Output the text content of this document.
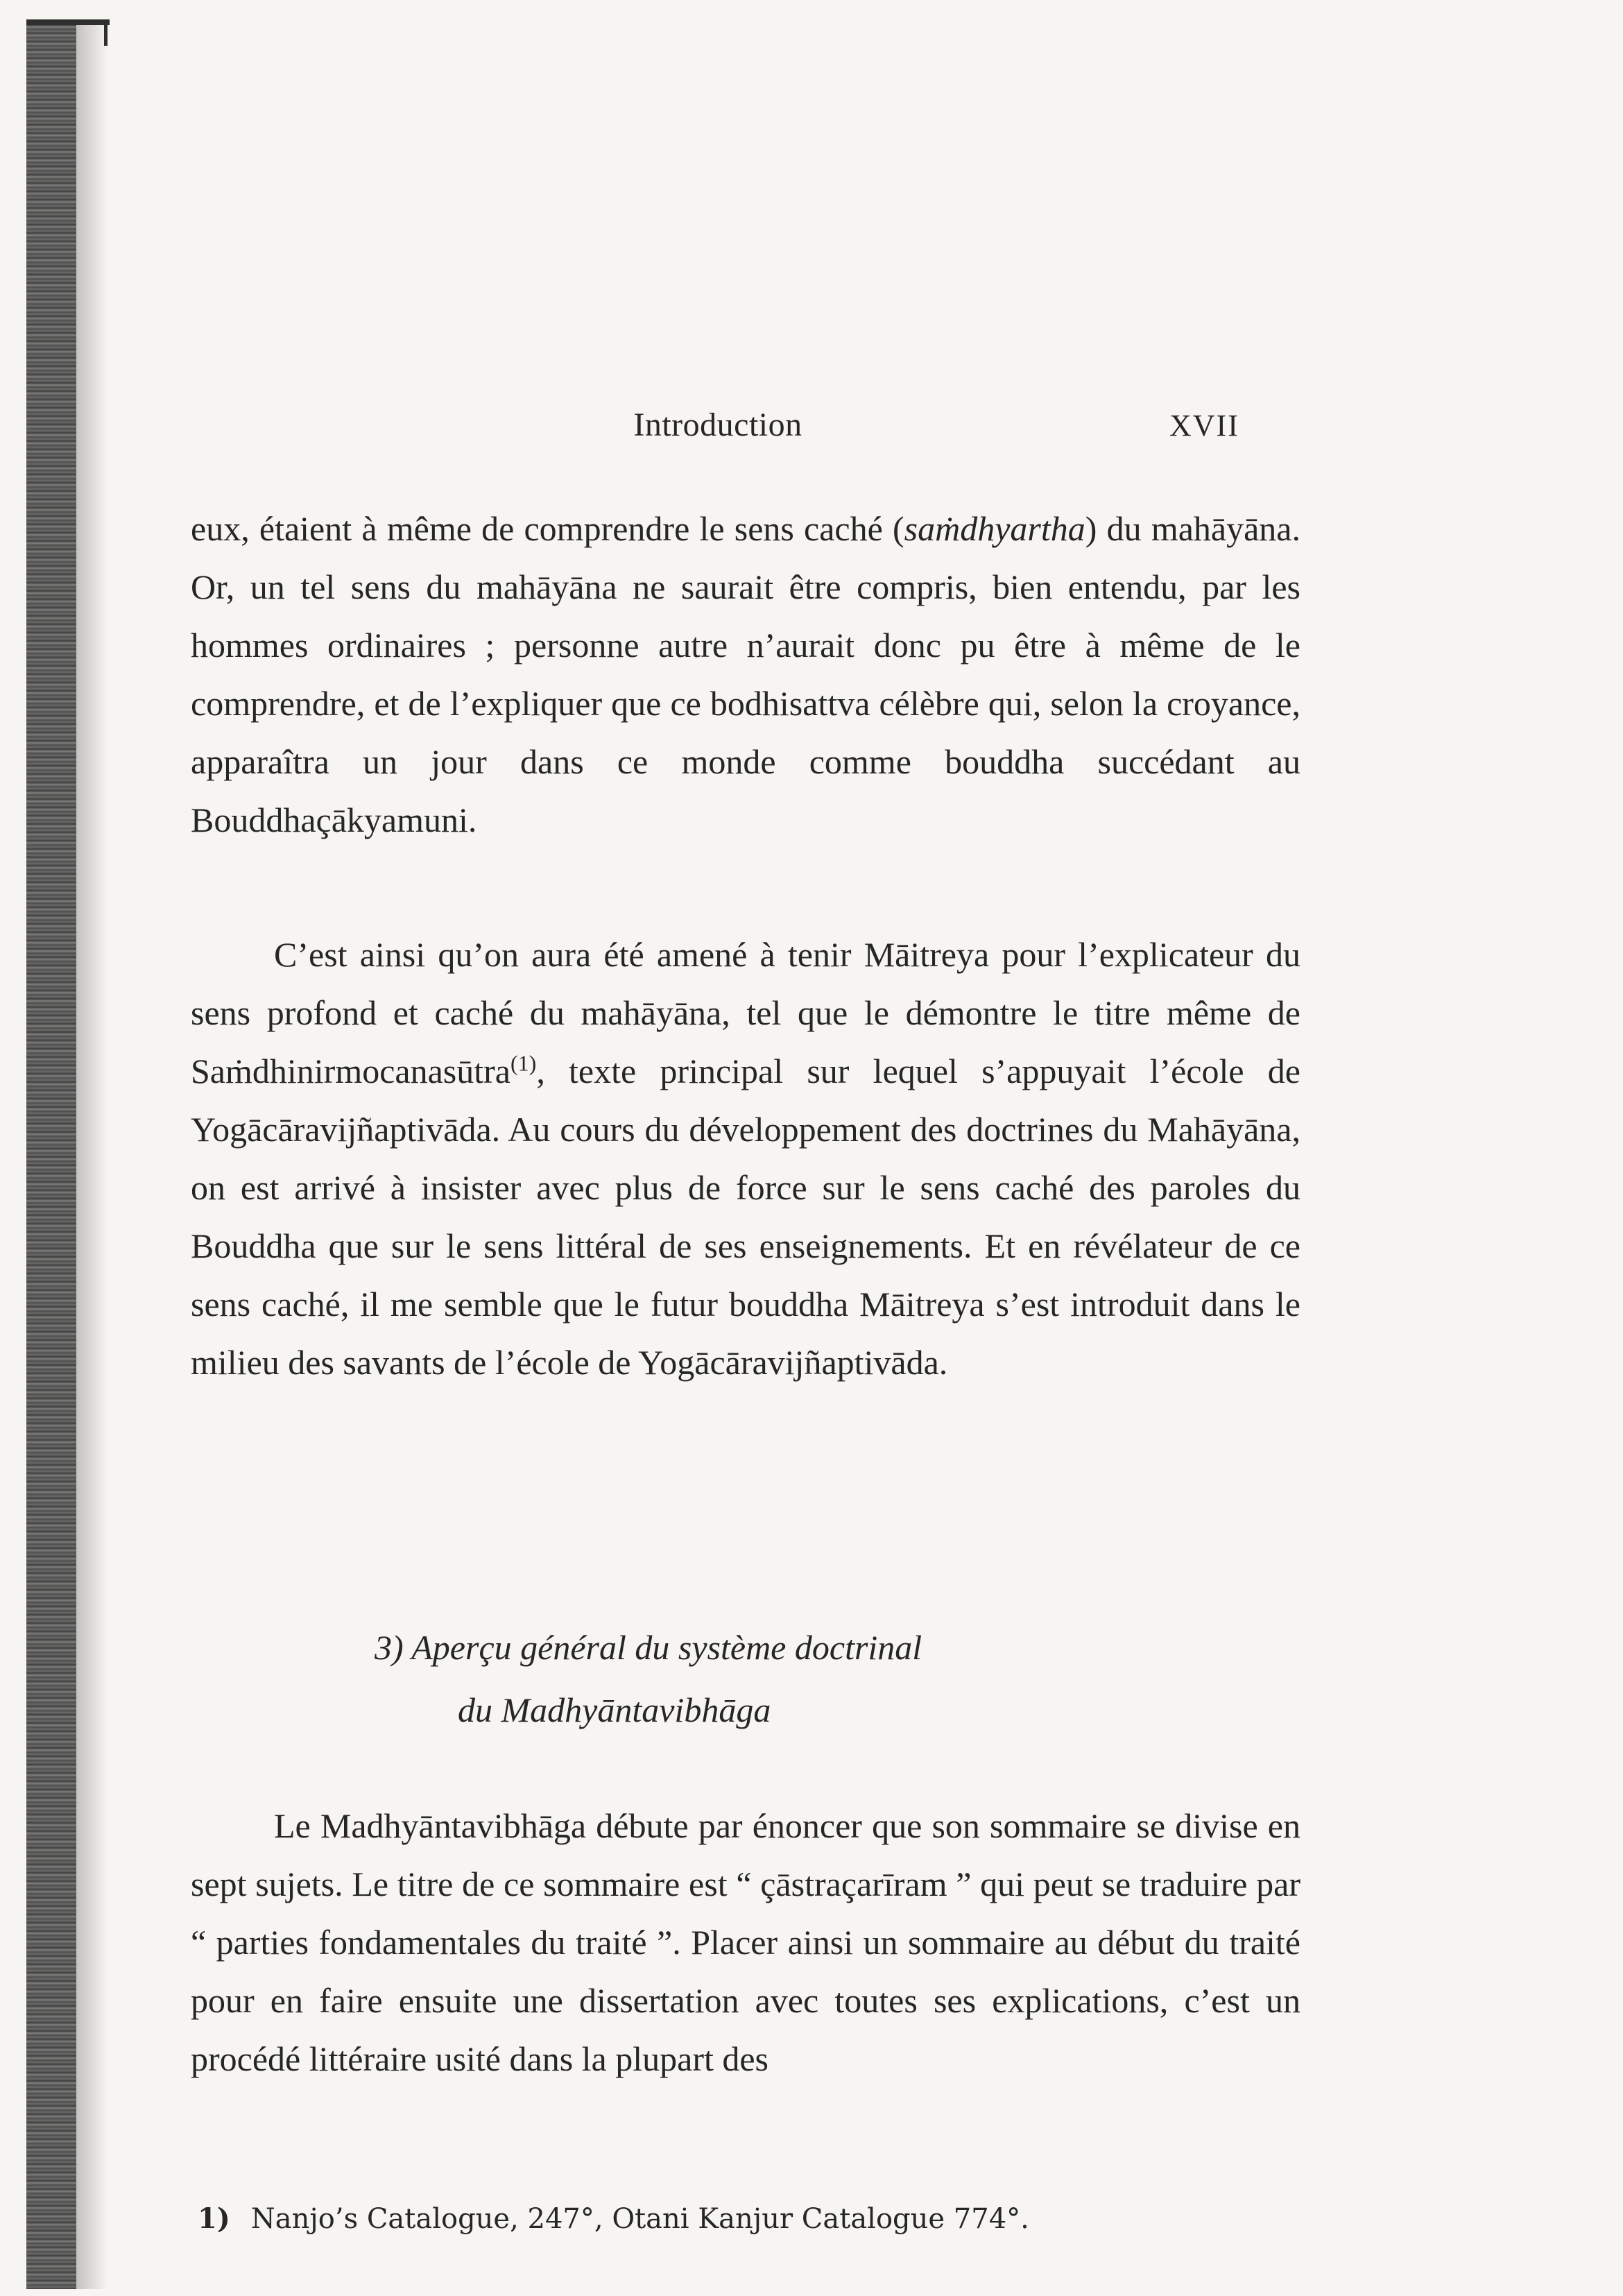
Introduction	XVII

eux, étaient à même de comprendre le sens caché (saṁdhyartha) du mahāyāna. Or, un tel sens du mahāyāna ne saurait être compris, bien entendu, par les hommes ordinaires ; personne autre n’aurait donc pu être à même de le comprendre, et de l’expliquer que ce bodhisattva célèbre qui, selon la croyance, apparaîtra un jour dans ce monde comme bouddha succédant au Bouddhaçākyamuni.

C’est ainsi qu’on aura été amené à tenir Māitreya pour l’explicateur du sens profond et caché du mahāyāna, tel que le démontre le titre même de Saṁdhinirmocanasūtra$^{(1)}$, texte principal sur lequel s’appuyait l’école de Yogācāravijñaptivāda. Au cours du développement des doctrines du Mahāyāna, on est arrivé à insister avec plus de force sur le sens caché des paroles du Bouddha que sur le sens littéral de ses enseignements. Et en révélateur de ce sens caché, il me semble que le futur bouddha Māitreya s’est introduit dans le milieu des savants de l’école de Yogācāravijñaptivāda.

3) Aperçu général du système doctrinal
du Madhyāntavibhāga

Le Madhyāntavibhāga débute par énoncer que son sommaire se divise en sept sujets. Le titre de ce sommaire est “ çāstraçarīram ” qui peut se traduire par “ parties fondamentales du traité ”. Placer ainsi un sommaire au début du traité pour en faire ensuite une dissertation avec toutes ses explications, c’est un procédé littéraire usité dans la plupart des

1) Nanjo’s Catalogue, 247°, Otani Kanjur Catalogue 774°.
